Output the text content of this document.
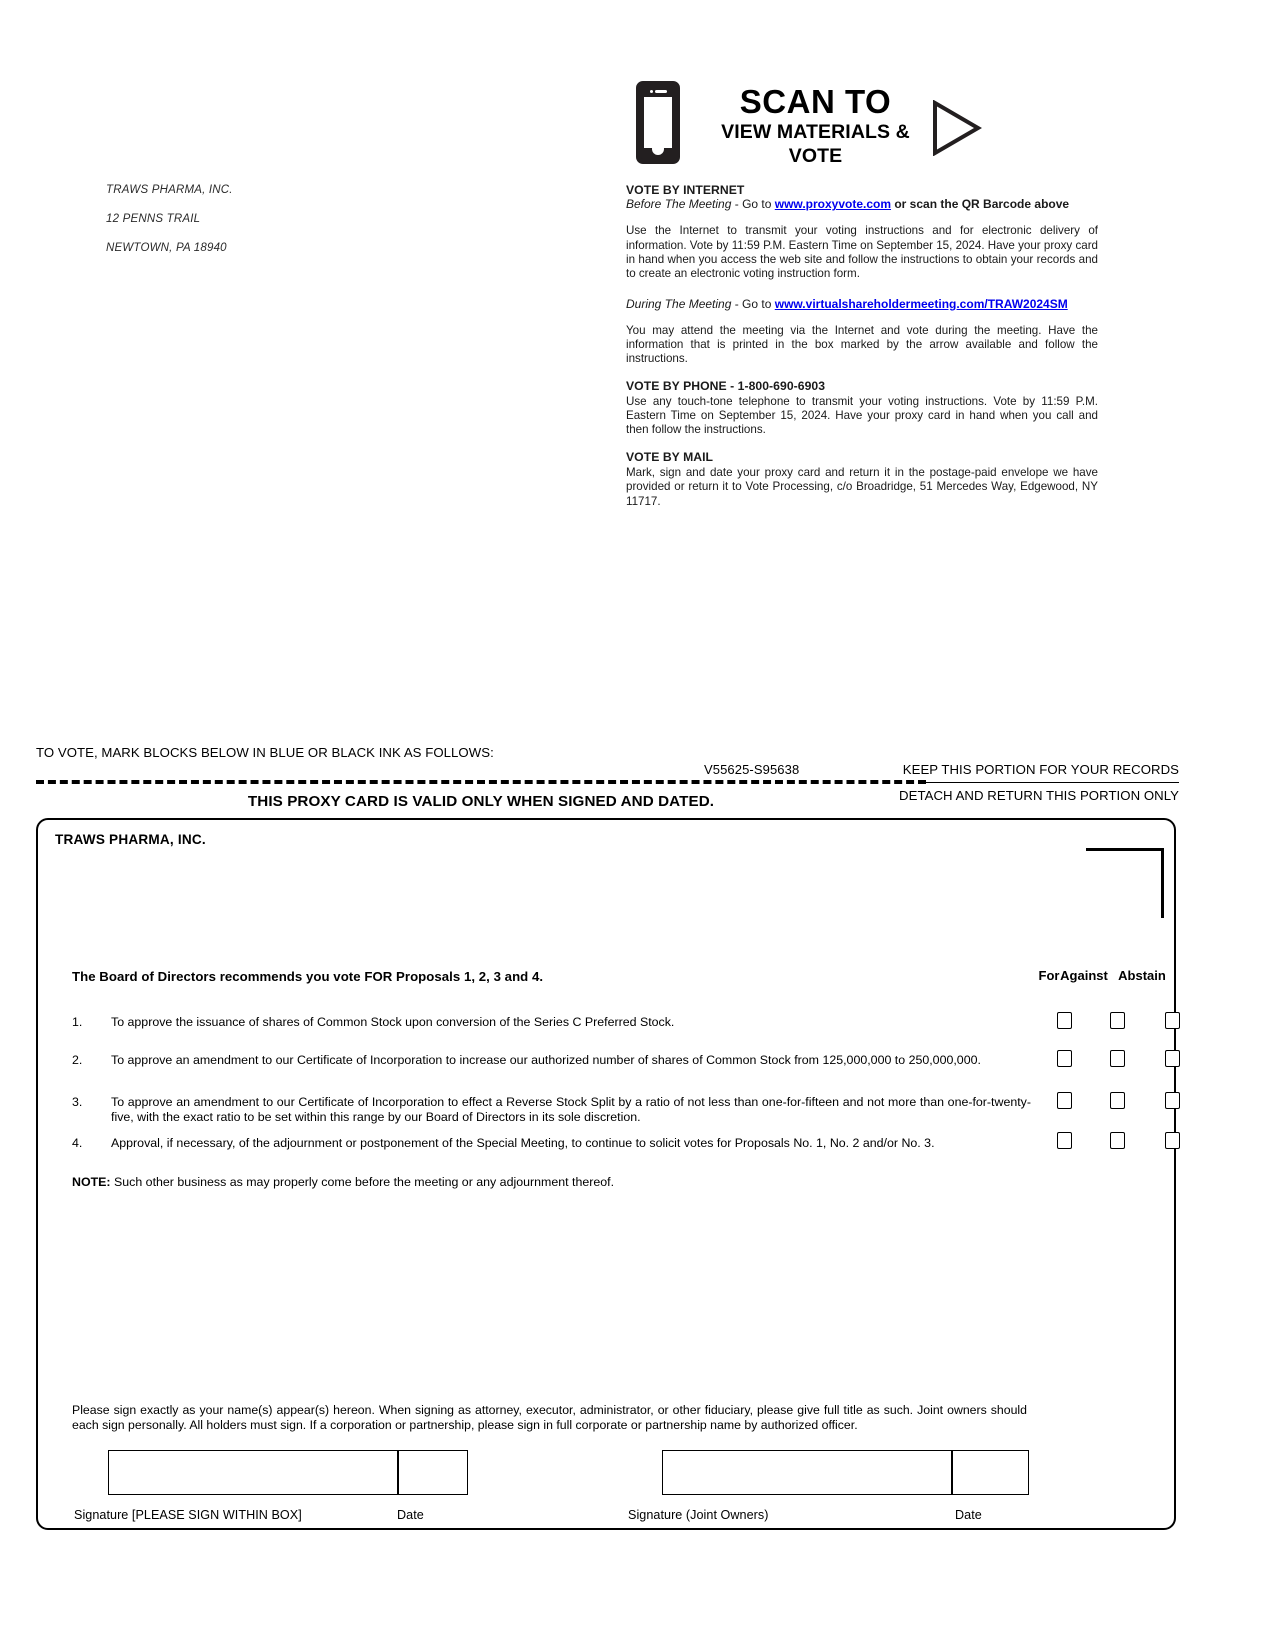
TRAWS PHARMA, INC.

12 PENNS TRAIL

NEWTOWN, PA 18940

SCAN TO
VIEW MATERIALS & VOTE
VOTE BY INTERNET
Before The Meeting - Go to www.proxyvote.com or scan the QR Barcode above
Use the Internet to transmit your voting instructions and for electronic delivery of information. Vote by 11:59 P.M. Eastern Time on September 15, 2024. Have your proxy card in hand when you access the web site and follow the instructions to obtain your records and to create an electronic voting instruction form.
During The Meeting - Go to www.virtualshareholdermeeting.com/TRAW2024SM
You may attend the meeting via the Internet and vote during the meeting. Have the information that is printed in the box marked by the arrow available and follow the instructions.
VOTE BY PHONE - 1-800-690-6903
Use any touch-tone telephone to transmit your voting instructions. Vote by 11:59 P.M. Eastern Time on September 15, 2024. Have your proxy card in hand when you call and then follow the instructions.
VOTE BY MAIL
Mark, sign and date your proxy card and return it in the postage-paid envelope we have provided or return it to Vote Processing, c/o Broadridge, 51 Mercedes Way, Edgewood, NY 11717.
TO VOTE, MARK BLOCKS BELOW IN BLUE OR BLACK INK AS FOLLOWS:
V55625-S95638	KEEP THIS PORTION FOR YOUR RECORDS
DETACH AND RETURN THIS PORTION ONLY
THIS PROXY CARD IS VALID ONLY WHEN SIGNED AND DATED.
TRAWS PHARMA, INC.
The Board of Directors recommends you vote FOR Proposals 1, 2, 3 and 4.	For Against Abstain
1.	To approve the issuance of shares of Common Stock upon conversion of the Series C Preferred Stock.
2.	To approve an amendment to our Certificate of Incorporation to increase our authorized number of shares of Common Stock from 125,000,000 to 250,000,000.
3.	To approve an amendment to our Certificate of Incorporation to effect a Reverse Stock Split by a ratio of not less than one-for-fifteen and not more than one-for-twenty-five, with the exact ratio to be set within this range by our Board of Directors in its sole discretion.
4.	Approval, if necessary, of the adjournment or postponement of the Special Meeting, to continue to solicit votes for Proposals No. 1, No. 2 and/or No. 3.
NOTE: Such other business as may properly come before the meeting or any adjournment thereof.
Please sign exactly as your name(s) appear(s) hereon. When signing as attorney, executor, administrator, or other fiduciary, please give full title as such. Joint owners should each sign personally. All holders must sign. If a corporation or partnership, please sign in full corporate or partnership name by authorized officer.
Signature [PLEASE SIGN WITHIN BOX]	Date	Signature (Joint Owners)	Date
